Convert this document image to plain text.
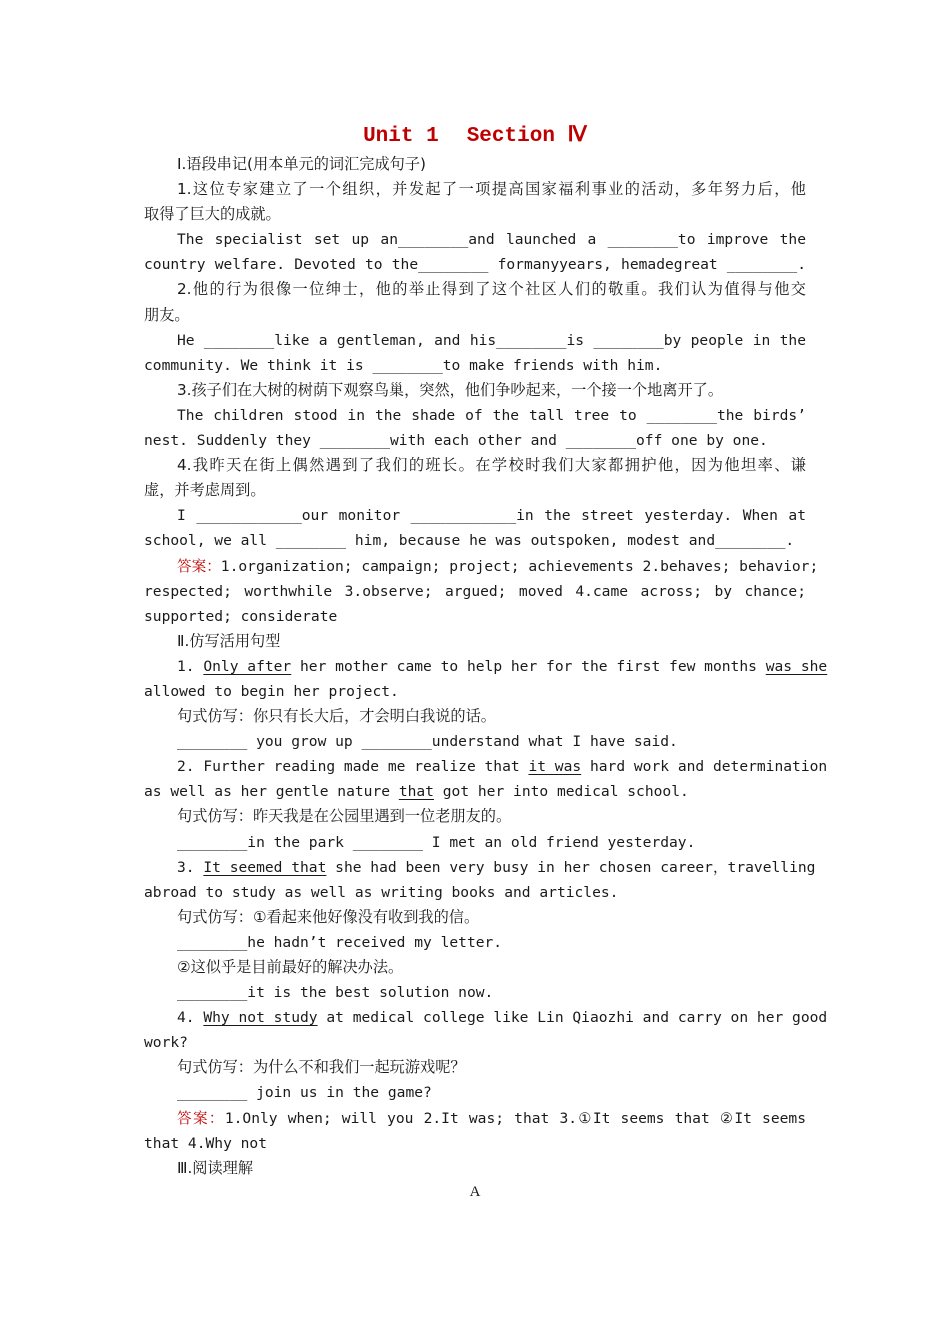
Unit 1 Section Ⅳ
Ⅰ.语段串记(用本单元的词汇完成句子)
1.这位专家建立了一个组织，并发起了一项提高国家福利事业的活动，多年努力后，他
取得了巨大的成就。
The specialist set up an________and launched a ________to improve the
country welfare. Devoted to the________ formanyyears, hemadegreat ________.
2.他的行为很像一位绅士，他的举止得到了这个社区人们的敬重。我们认为值得与他交
朋友。
He ________like a gentleman, and his________is ________by people in the
community. We think it is ________to make friends with him.
3.孩子们在大树的树荫下观察鸟巢，突然，他们争吵起来，一个接一个地离开了。
The children stood in the shade of the tall tree to ________the birds’
nest. Suddenly they ________with each other and ________off one by one.
4.我昨天在街上偶然遇到了我们的班长。在学校时我们大家都拥护他，因为他坦率、谦
虚，并考虑周到。
I ____________our monitor ____________in the street yesterday. When at
school, we all ________ him, because he was outspoken, modest and________.
答案：1.organization; campaign; project; achievements 2.behaves; behavior;
respected; worthwhile 3.observe; argued; moved 4.came across; by chance;
supported; considerate
Ⅱ.仿写活用句型
1. Only after her mother came to help her for the first few months was she
allowed to begin her project.
句式仿写：你只有长大后，才会明白我说的话。
________ you grow up ________understand what I have said.
2. Further reading made me realize that it was hard work and determination
as well as her gentle nature that got her into medical school.
句式仿写：昨天我是在公园里遇到一位老朋友的。
________in the park ________ I met an old friend yesterday.
3. It seemed that she had been very busy in her chosen career，travelling
abroad to study as well as writing books and articles.
句式仿写：①看起来他好像没有收到我的信。
________he hadn’t received my letter.
②这似乎是目前最好的解决办法。
________it is the best solution now.
4. Why not study at medical college like Lin Qiaozhi and carry on her good
work?
句式仿写：为什么不和我们一起玩游戏呢？
________ join us in the game?
答案：1.Only when; will you 2.It was; that 3.①It seems that ②It seems
that 4.Why not
Ⅲ.阅读理解
A
